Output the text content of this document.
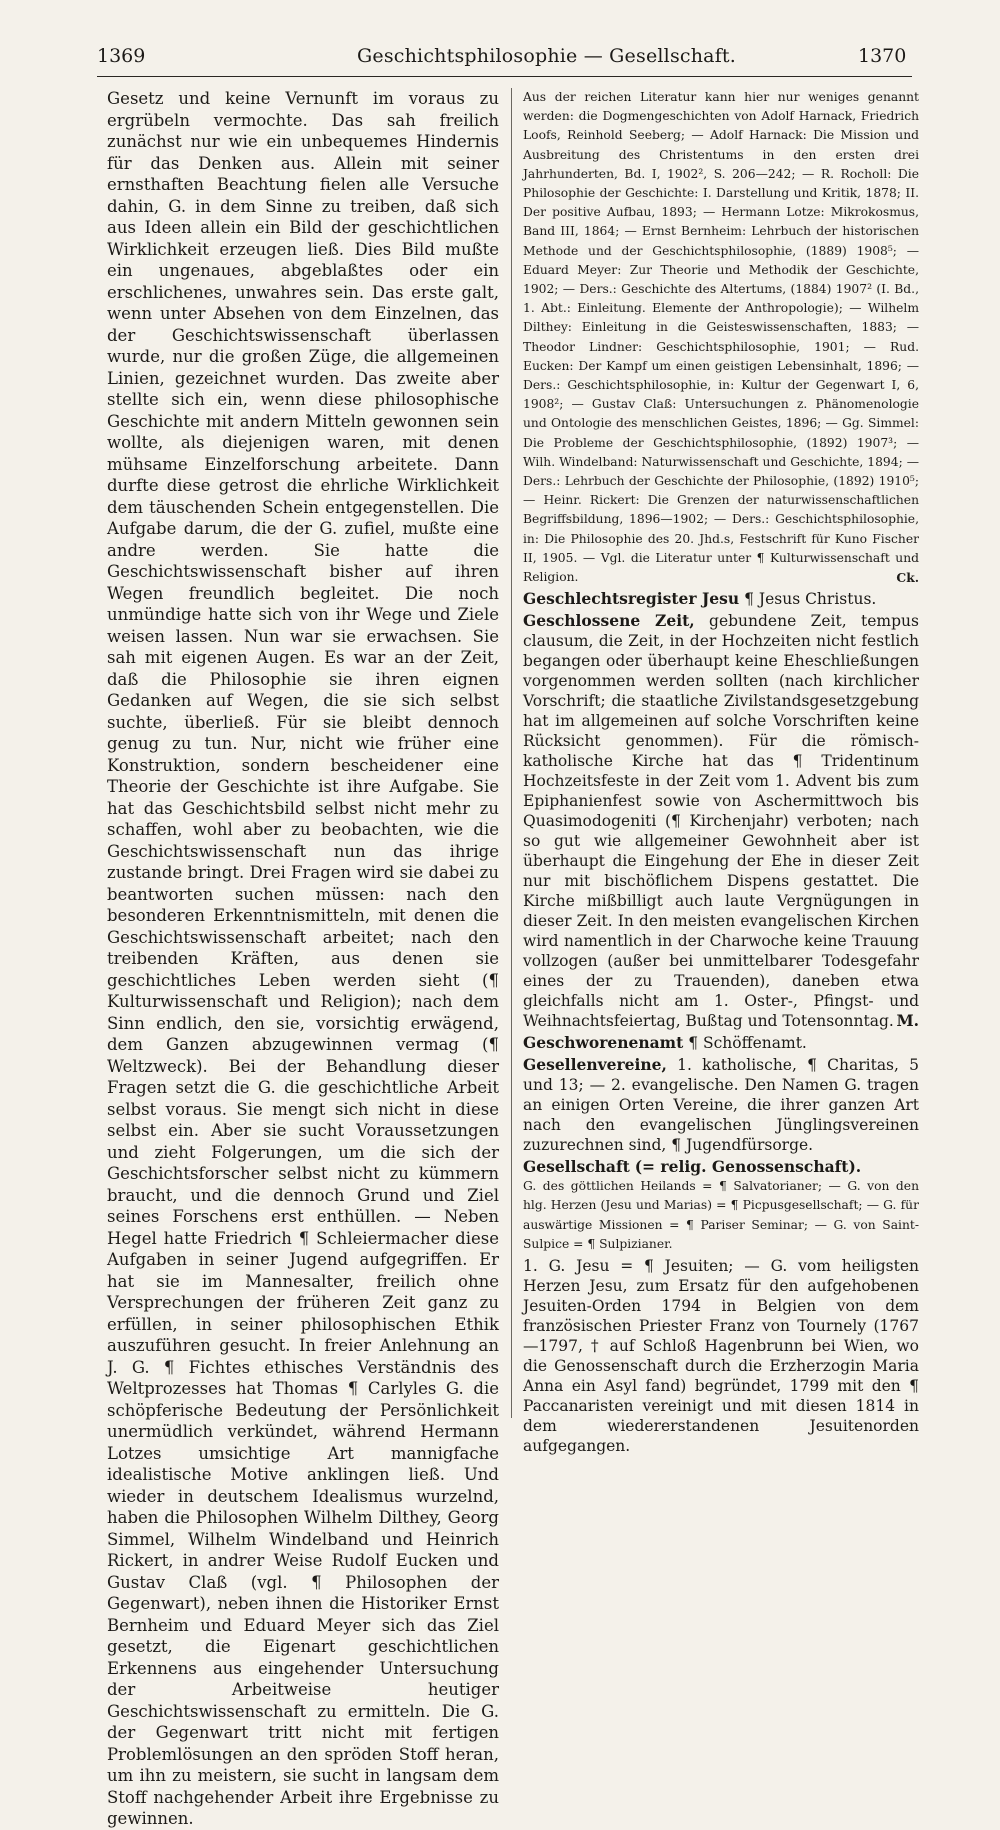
1369	Geschichtsphilosophie — Gesellschaft.	1370

Gesetz und keine Vernunft im voraus zu ergrübeln vermochte. Das sah freilich zunächst nur wie ein unbequemes Hindernis für das Denken aus. Allein mit seiner ernsthaften Beachtung fielen alle Versuche dahin, G. in dem Sinne zu treiben, daß sich aus Ideen allein ein Bild der geschichtlichen Wirklichkeit erzeugen ließ. Dies Bild mußte ein ungenaues, abgeblaßtes oder ein erschlichenes, unwahres sein. Das erste galt, wenn unter Absehen von dem Einzelnen, das der Geschichtswissenschaft überlassen wurde, nur die großen Züge, die allgemeinen Linien, gezeichnet wurden. Das zweite aber stellte sich ein, wenn diese philosophische Geschichte mit andern Mitteln gewonnen sein wollte, als diejenigen waren, mit denen mühsame Einzelforschung arbeitete. Dann durfte diese getrost die ehrliche Wirklichkeit dem täuschenden Schein entgegenstellen. Die Aufgabe darum, die der G. zufiel, mußte eine andre werden. Sie hatte die Geschichtswissenschaft bisher auf ihren Wegen freundlich begleitet. Die noch unmündige hatte sich von ihr Wege und Ziele weisen lassen. Nun war sie erwachsen. Sie sah mit eigenen Augen. Es war an der Zeit, daß die Philosophie sie ihren eignen Gedanken auf Wegen, die sie sich selbst suchte, überließ. Für sie bleibt dennoch genug zu tun. Nur, nicht wie früher eine Konstruktion, sondern bescheidener eine Theorie der Geschichte ist ihre Aufgabe. Sie hat das Geschichtsbild selbst nicht mehr zu schaffen, wohl aber zu beobachten, wie die Geschichtswissenschaft nun das ihrige zustande bringt. Drei Fragen wird sie dabei zu beantworten suchen müssen: nach den besonderen Erkenntnismitteln, mit denen die Geschichtswissenschaft arbeitet; nach den treibenden Kräften, aus denen sie geschichtliches Leben werden sieht (¶ Kulturwissenschaft und Religion); nach dem Sinn endlich, den sie, vorsichtig erwägend, dem Ganzen abzugewinnen vermag (¶ Weltzweck). Bei der Behandlung dieser Fragen setzt die G. die geschichtliche Arbeit selbst voraus. Sie mengt sich nicht in diese selbst ein. Aber sie sucht Voraussetzungen und zieht Folgerungen, um die sich der Geschichtsforscher selbst nicht zu kümmern braucht, und die dennoch Grund und Ziel seines Forschens erst enthüllen. — Neben Hegel hatte Friedrich ¶ Schleiermacher diese Aufgaben in seiner Jugend aufgegriffen. Er hat sie im Mannesalter, freilich ohne Versprechungen der früheren Zeit ganz zu erfüllen, in seiner philosophischen Ethik auszuführen gesucht. In freier Anlehnung an J. G. ¶ Fichtes ethisches Verständnis des Weltprozesses hat Thomas ¶ Carlyles G. die schöpferische Bedeutung der Persönlichkeit unermüdlich verkündet, während Hermann Lotzes umsichtige Art mannigfache idealistische Motive anklingen ließ. Und wieder in deutschem Idealismus wurzelnd, haben die Philosophen Wilhelm Dilthey, Georg Simmel, Wilhelm Windelband und Heinrich Rickert, in andrer Weise Rudolf Eucken und Gustav Claß (vgl. ¶ Philosophen der Gegenwart), neben ihnen die Historiker Ernst Bernheim und Eduard Meyer sich das Ziel gesetzt, die Eigenart geschichtlichen Erkennens aus eingehender Untersuchung der Arbeitweise heutiger Geschichtswissenschaft zu ermitteln. Die G. der Gegenwart tritt nicht mit fertigen Problemlösungen an den spröden Stoff heran, um ihn zu meistern, sie sucht in langsam dem Stoff nachgehender Arbeit ihre Ergebnisse zu gewinnen.

Aus der reichen Literatur kann hier nur weniges genannt werden: die Dogmengeschichten von Adolf Harnack, Friedrich Loofs, Reinhold Seeberg; — Adolf Harnack: Die Mission und Ausbreitung des Christentums in den ersten drei Jahrhunderten, Bd. I, 1902², S. 206—242; — R. Rocholl: Die Philosophie der Geschichte: I. Darstellung und Kritik, 1878; II. Der positive Aufbau, 1893; — Hermann Lotze: Mikrokosmus, Band III, 1864; — Ernst Bernheim: Lehrbuch der historischen Methode und der Geschichtsphilosophie, (1889) 1908⁵; — Eduard Meyer: Zur Theorie und Methodik der Geschichte, 1902; — Ders.: Geschichte des Altertums, (1884) 1907² (I. Bd., 1. Abt.: Einleitung. Elemente der Anthropologie); — Wilhelm Dilthey: Einleitung in die Geisteswissenschaften, 1883; — Theodor Lindner: Geschichtsphilosophie, 1901; — Rud. Eucken: Der Kampf um einen geistigen Lebensinhalt, 1896; — Ders.: Geschichtsphilosophie, in: Kultur der Gegenwart I, 6, 1908²; — Gustav Claß: Untersuchungen z. Phänomenologie und Ontologie des menschlichen Geistes, 1896; — Gg. Simmel: Die Probleme der Geschichtsphilosophie, (1892) 1907³; — Wilh. Windelband: Naturwissenschaft und Geschichte, 1894; — Ders.: Lehrbuch der Geschichte der Philosophie, (1892) 1910⁵; — Heinr. Rickert: Die Grenzen der naturwissenschaftlichen Begriffsbildung, 1896—1902; — Ders.: Geschichtsphilosophie, in: Die Philosophie des 20. Jhd.s, Festschrift für Kuno Fischer II, 1905. — Vgl. die Literatur unter ¶ Kulturwissenschaft und Religion.	Ck.

Geschlechtsregister Jesu ¶ Jesus Christus.

Geschlossene Zeit, gebundene Zeit, tempus clausum, die Zeit, in der Hochzeiten nicht festlich begangen oder überhaupt keine Eheschließungen vorgenommen werden sollten (nach kirchlicher Vorschrift; die staatliche Zivilstandsgesetzgebung hat im allgemeinen auf solche Vorschriften keine Rücksicht genommen). Für die römisch-katholische Kirche hat das ¶ Tridentinum Hochzeitsfeste in der Zeit vom 1. Advent bis zum Epiphanienfest sowie von Aschermittwoch bis Quasimodogeniti (¶ Kirchenjahr) verboten; nach so gut wie allgemeiner Gewohnheit aber ist überhaupt die Eingehung der Ehe in dieser Zeit nur mit bischöflichem Dispens gestattet. Die Kirche mißbilligt auch laute Vergnügungen in dieser Zeit. In den meisten evangelischen Kirchen wird namentlich in der Charwoche keine Trauung vollzogen (außer bei unmittelbarer Todesgefahr eines der zu Trauenden), daneben etwa gleichfalls nicht am 1. Oster-, Pfingst- und Weihnachtsfeiertag, Bußtag und Totensonntag. M.

Geschworenenamt ¶ Schöffenamt.

Gesellenvereine, 1. katholische, ¶ Charitas, 5 und 13; — 2. evangelische. Den Namen G. tragen an einigen Orten Vereine, die ihrer ganzen Art nach den evangelischen Jünglingsvereinen zuzurechnen sind, ¶ Jugendfürsorge.

Gesellschaft (= relig. Genossenschaft).

G. des göttlichen Heilands = ¶ Salvatorianer; — G. von den hlg. Herzen (Jesu und Marias) = ¶ Picpusgesellschaft; — G. für auswärtige Missionen = ¶ Pariser Seminar; — G. von Saint-Sulpice = ¶ Sulpizianer.

1. G. Jesu = ¶ Jesuiten; — G. vom heiligsten Herzen Jesu, zum Ersatz für den aufgehobenen Jesuiten-Orden 1794 in Belgien von dem französischen Priester Franz von Tournely (1767—1797, † auf Schloß Hagenbrunn bei Wien, wo die Genossenschaft durch die Erzherzogin Maria Anna ein Asyl fand) begründet, 1799 mit den ¶ Paccanaristen vereinigt und mit diesen 1814 in dem wiedererstandenen Jesuitenorden aufgegangen.
